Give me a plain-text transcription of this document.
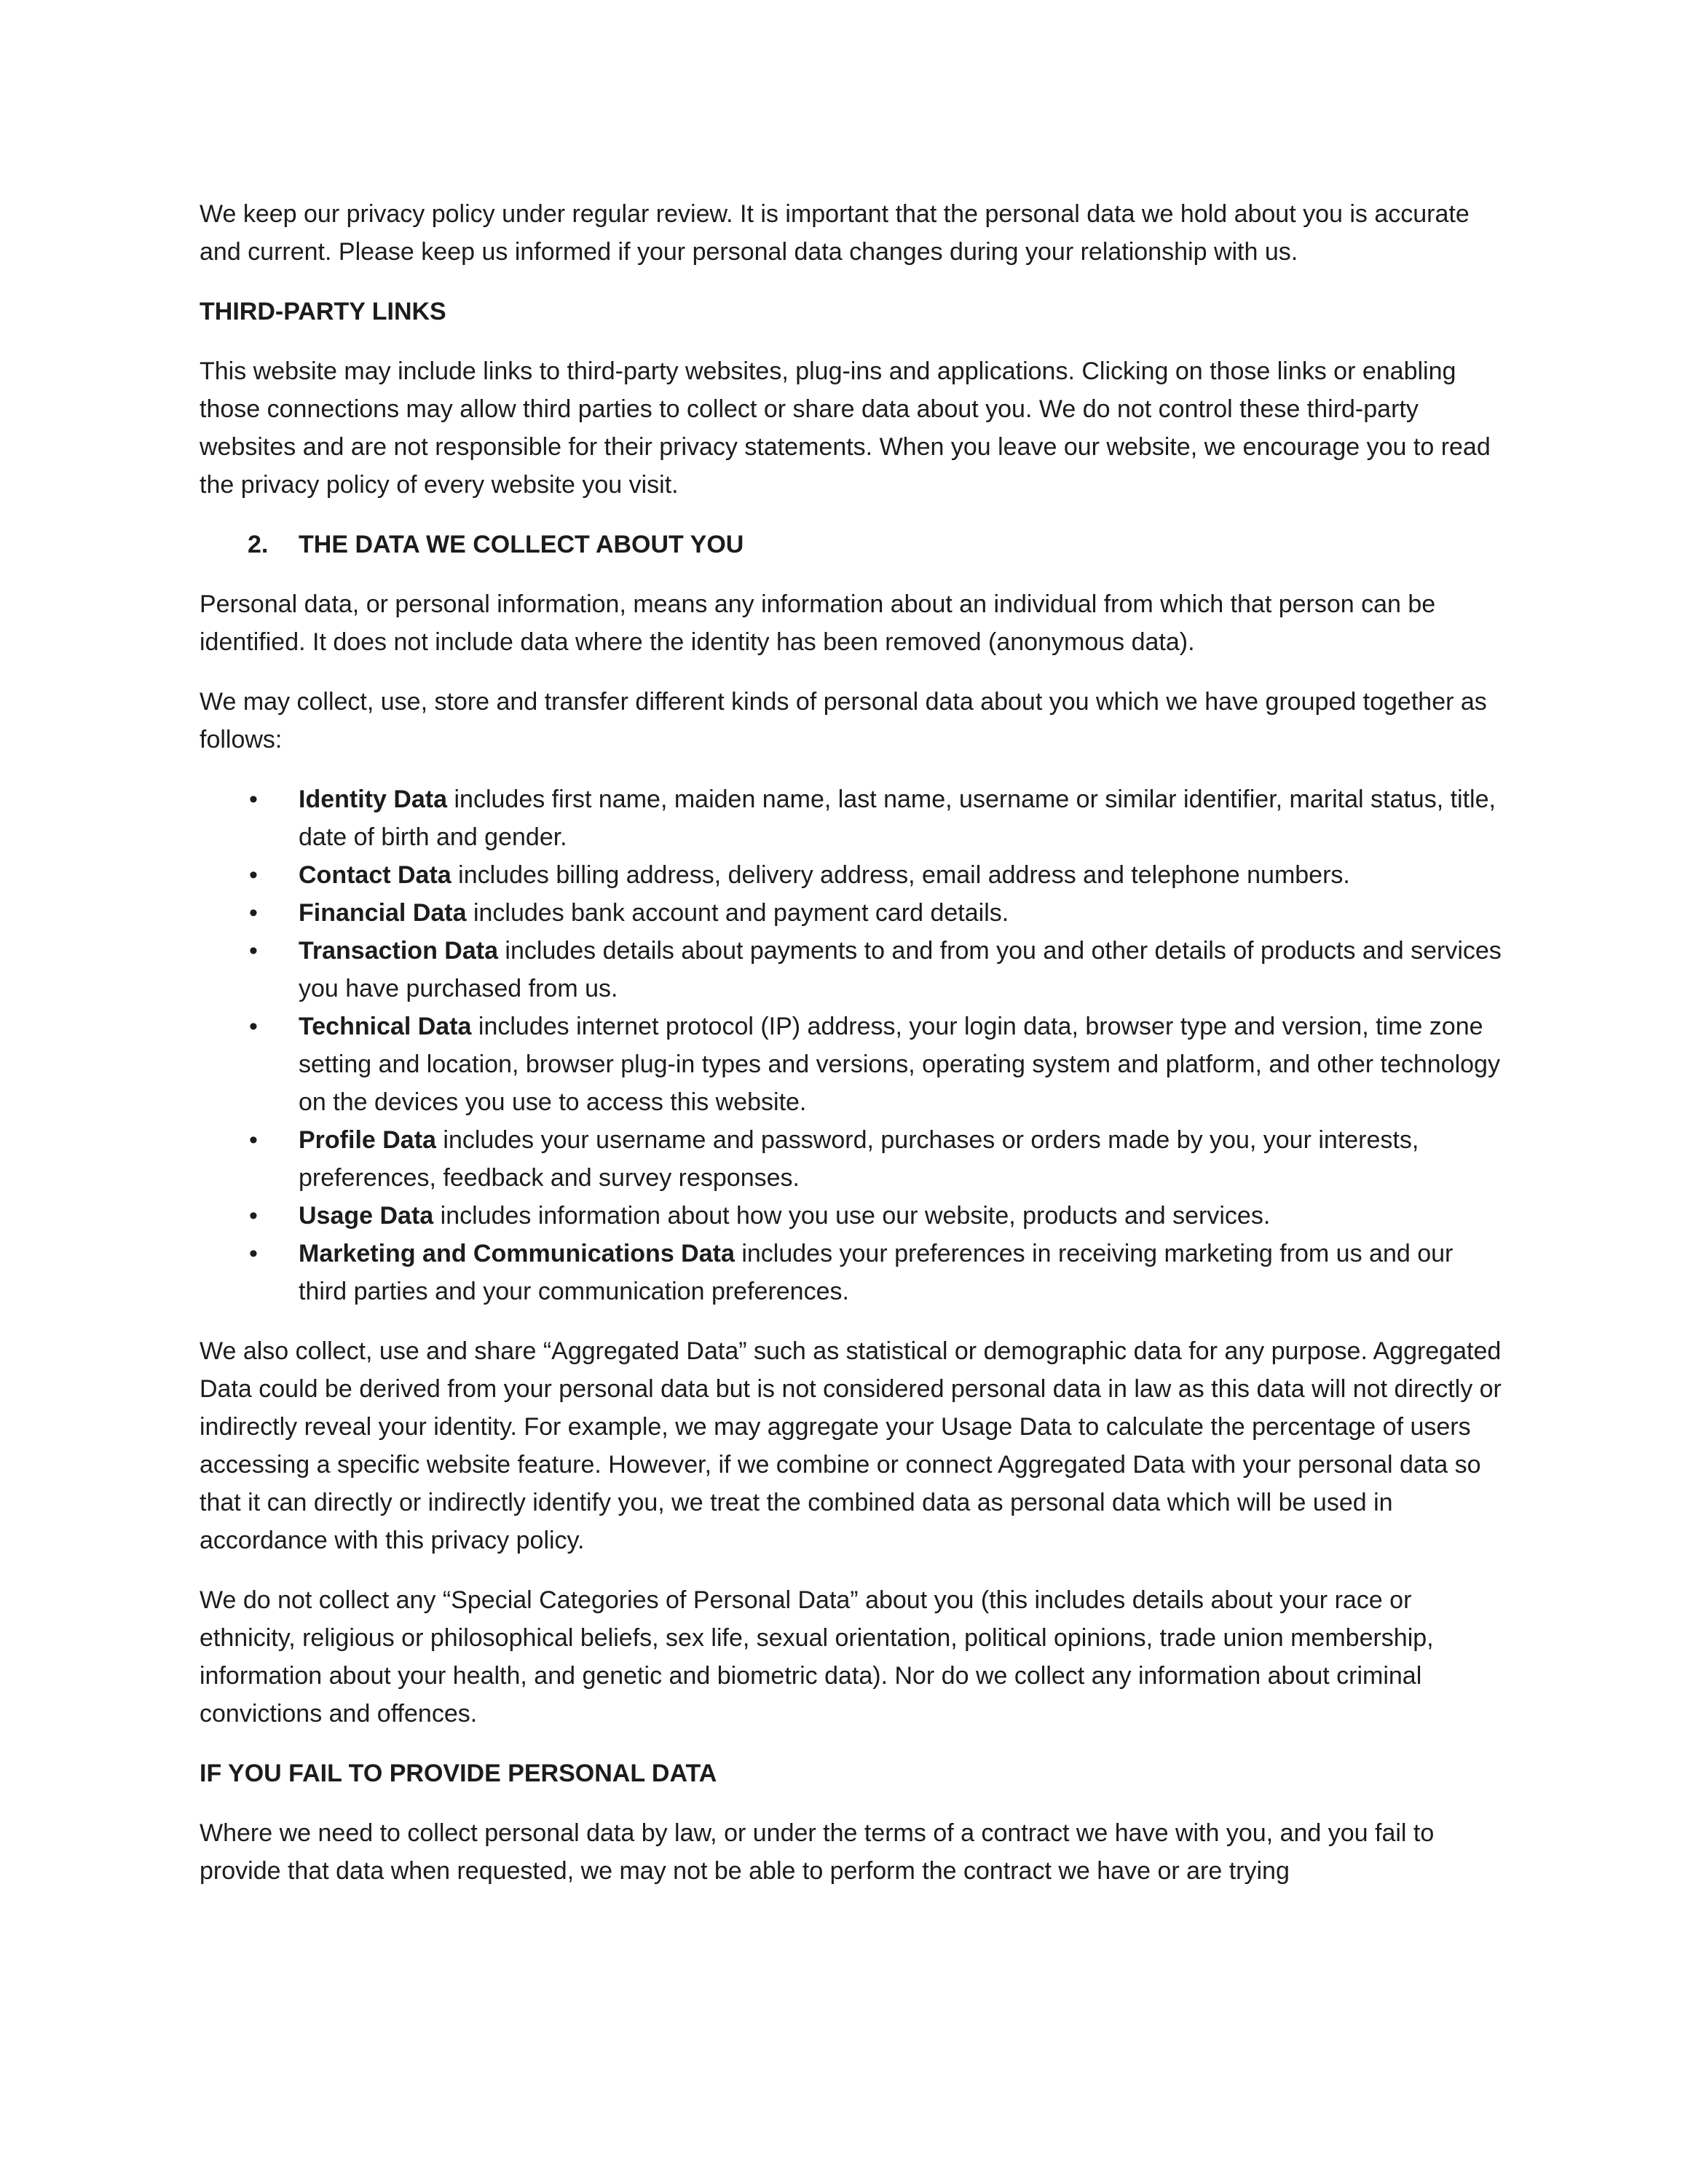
We keep our privacy policy under regular review. It is important that the personal data we hold about you is accurate and current. Please keep us informed if your personal data changes during your relationship with us.

THIRD-PARTY LINKS

This website may include links to third-party websites, plug-ins and applications. Clicking on those links or enabling those connections may allow third parties to collect or share data about you. We do not control these third-party websites and are not responsible for their privacy statements. When you leave our website, we encourage you to read the privacy policy of every website you visit.

2.	THE DATA WE COLLECT ABOUT YOU

Personal data, or personal information, means any information about an individual from which that person can be identified. It does not include data where the identity has been removed (anonymous data).

We may collect, use, store and transfer different kinds of personal data about you which we have grouped together as follows:

• Identity Data includes first name, maiden name, last name, username or similar identifier, marital status, title, date of birth and gender.
• Contact Data includes billing address, delivery address, email address and telephone numbers.
• Financial Data includes bank account and payment card details.
• Transaction Data includes details about payments to and from you and other details of products and services you have purchased from us.
• Technical Data includes internet protocol (IP) address, your login data, browser type and version, time zone setting and location, browser plug-in types and versions, operating system and platform, and other technology on the devices you use to access this website.
• Profile Data includes your username and password, purchases or orders made by you, your interests, preferences, feedback and survey responses.
• Usage Data includes information about how you use our website, products and services.
• Marketing and Communications Data includes your preferences in receiving marketing from us and our third parties and your communication preferences.

We also collect, use and share “Aggregated Data” such as statistical or demographic data for any purpose. Aggregated Data could be derived from your personal data but is not considered personal data in law as this data will not directly or indirectly reveal your identity. For example, we may aggregate your Usage Data to calculate the percentage of users accessing a specific website feature. However, if we combine or connect Aggregated Data with your personal data so that it can directly or indirectly identify you, we treat the combined data as personal data which will be used in accordance with this privacy policy.

We do not collect any “Special Categories of Personal Data” about you (this includes details about your race or ethnicity, religious or philosophical beliefs, sex life, sexual orientation, political opinions, trade union membership, information about your health, and genetic and biometric data). Nor do we collect any information about criminal convictions and offences.

IF YOU FAIL TO PROVIDE PERSONAL DATA

Where we need to collect personal data by law, or under the terms of a contract we have with you, and you fail to provide that data when requested, we may not be able to perform the contract we have or are trying
